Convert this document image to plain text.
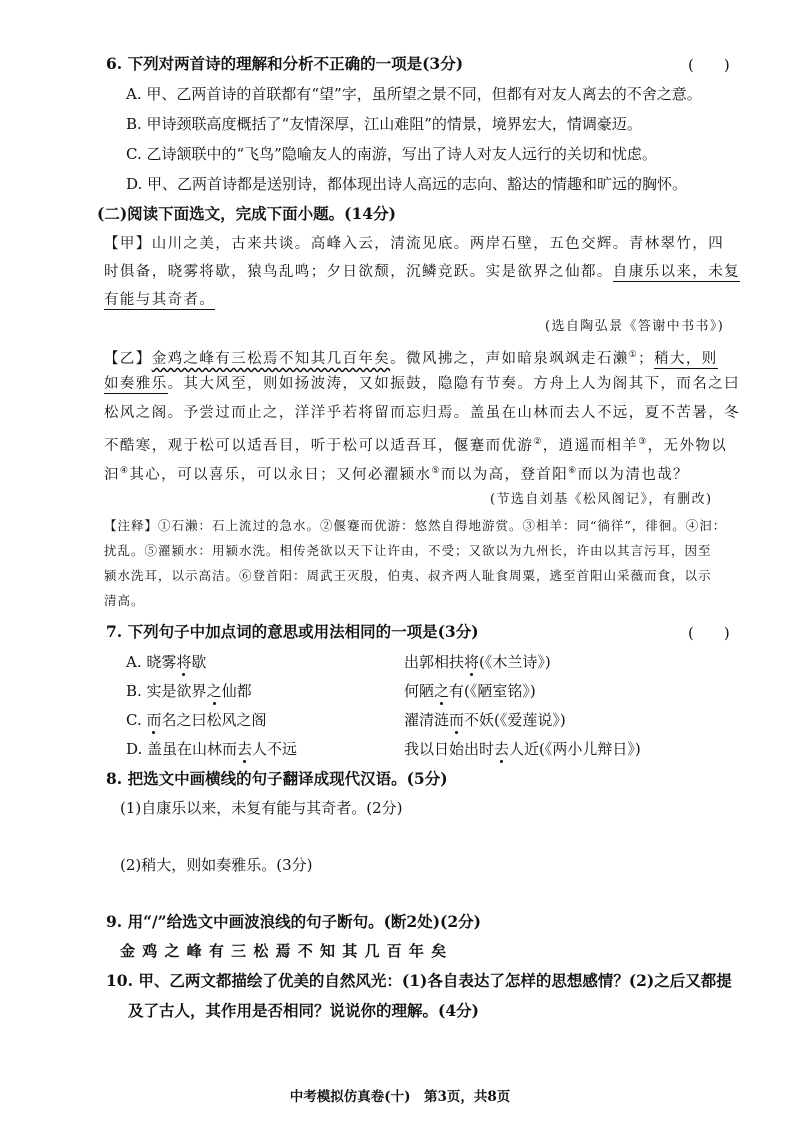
6. 下列对两首诗的理解和分析不正确的一项是(3分)	(　　)
A. 甲、乙两首诗的首联都有“望”字，虽所望之景不同，但都有对友人离去的不舍之意。
B. 甲诗颈联高度概括了“友情深厚，江山难阻”的情景，境界宏大，情调豪迈。
C. 乙诗颔联中的“飞鸟”隐喻友人的南游，写出了诗人对友人远行的关切和忧虑。
D. 甲、乙两首诗都是送别诗，都体现出诗人高远的志向、豁达的情趣和旷远的胸怀。
(二)阅读下面选文，完成下面小题。(14分)
【甲】山川之美，古来共谈。高峰入云，清流见底。两岸石壁，五色交辉。青林翠竹，四
时俱备，晓雾将歇，猿鸟乱鸣；夕日欲颓，沉鳞竞跃。实是欲界之仙都。自康乐以来，未复
有能与其奇者。
(选自陶弘景《答谢中书书》)
【乙】金鸡之峰有三松焉不知其几百年矣。微风拂之，声如暗泉飒飒走石濑①；稍大，则
如奏雅乐。其大风至，则如扬波涛，又如振鼓，隐隐有节奏。方舟上人为阁其下，而名之曰
松风之阁。予尝过而止之，洋洋乎若将留而忘归焉。盖虽在山林而去人不远，夏不苦暑，冬
不酷寒，观于松可以适吾目，听于松可以适吾耳，偃蹇而优游②，逍遥而相羊③，无外物以
汩④其心，可以喜乐，可以永日；又何必濯颍水⑤而以为高，登首阳⑥而以为清也哉？
(节选自刘基《松风阁记》，有删改)
【注释】①石濑：石上流过的急水。②偃蹇而优游：悠然自得地游赏。③相羊：同“徜徉”，徘徊。④汩：
扰乱。⑤濯颍水：用颍水洗。相传尧欲以天下让许由，不受；又欲以为九州长，许由以其言污耳，因至
颍水洗耳，以示高洁。⑥登首阳：周武王灭殷，伯夷、叔齐两人耻食周粟，逃至首阳山采薇而食，以示
清高。
7. 下列句子中加点词的意思或用法相同的一项是(3分)	(　　)
A. 晓雾将歇	出郭相扶将(《木兰诗》)
B. 实是欲界之仙都	何陋之有(《陋室铭》)
C. 而名之曰松风之阁	濯清涟而不妖(《爱莲说》)
D. 盖虽在山林而去人不远	我以日始出时去人近(《两小儿辩日》)
8. 把选文中画横线的句子翻译成现代汉语。(5分)
(1)自康乐以来，未复有能与其奇者。(2分)
(2)稍大，则如奏雅乐。(3分)
9. 用“/”给选文中画波浪线的句子断句。(断2处)(2分)
金 鸡 之 峰 有 三 松 焉 不 知 其 几 百 年 矣
10. 甲、乙两文都描绘了优美的自然风光：(1)各自表达了怎样的思想感情？(2)之后又都提
及了古人，其作用是否相同？说说你的理解。(4分)
中考模拟仿真卷(十)　第3页，共8页
